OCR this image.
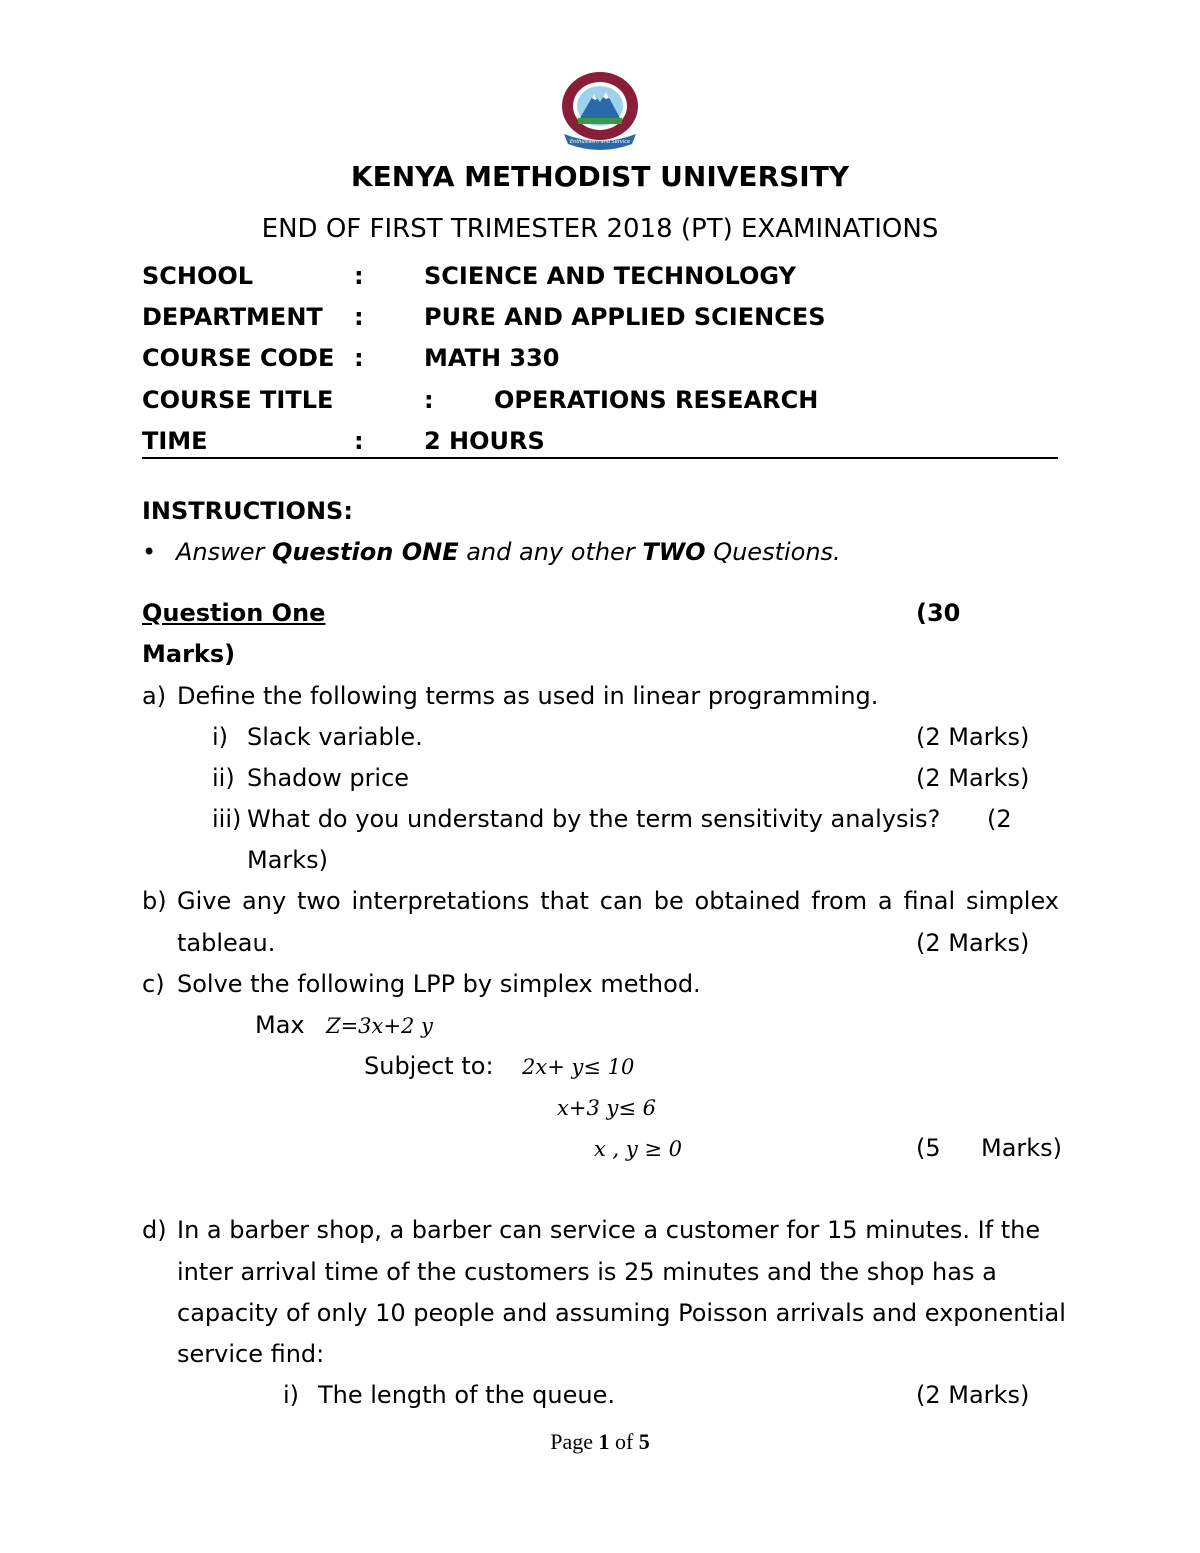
Enthusiasm and Service
KENYA METHODIST UNIVERSITY
END OF FIRST TRIMESTER 2018 (PT) EXAMINATIONS
SCHOOL	:	SCIENCE AND TECHNOLOGY
DEPARTMENT :	PURE AND APPLIED SCIENCES
COURSE CODE :	MATH 330
COURSE TITLE	:	OPERATIONS RESEARCH
TIME	:	2 HOURS
INSTRUCTIONS:
• Answer Question ONE and any other TWO Questions.
Question One	(30
Marks)
a) Define the following terms as used in linear programming.
i) Slack variable.	(2 Marks)
ii) Shadow price	(2 Marks)
iii) What do you understand by the term sensitivity analysis? (2
Marks)
b) Give any two interpretations that can be obtained from a final simplex
tableau.	(2 Marks)
c) Solve the following LPP by simplex method.
Max Z=3x+2 y
Subject to: 2x+ y≤ 10
x+3 y≤ 6
x , y ≥ 0	(5 Marks)
d) In a barber shop, a barber can service a customer for 15 minutes. If the
inter arrival time of the customers is 25 minutes and the shop has a
capacity of only 10 people and assuming Poisson arrivals and exponential
service find:
i) The length of the queue.	(2 Marks)
Page 1 of 5
